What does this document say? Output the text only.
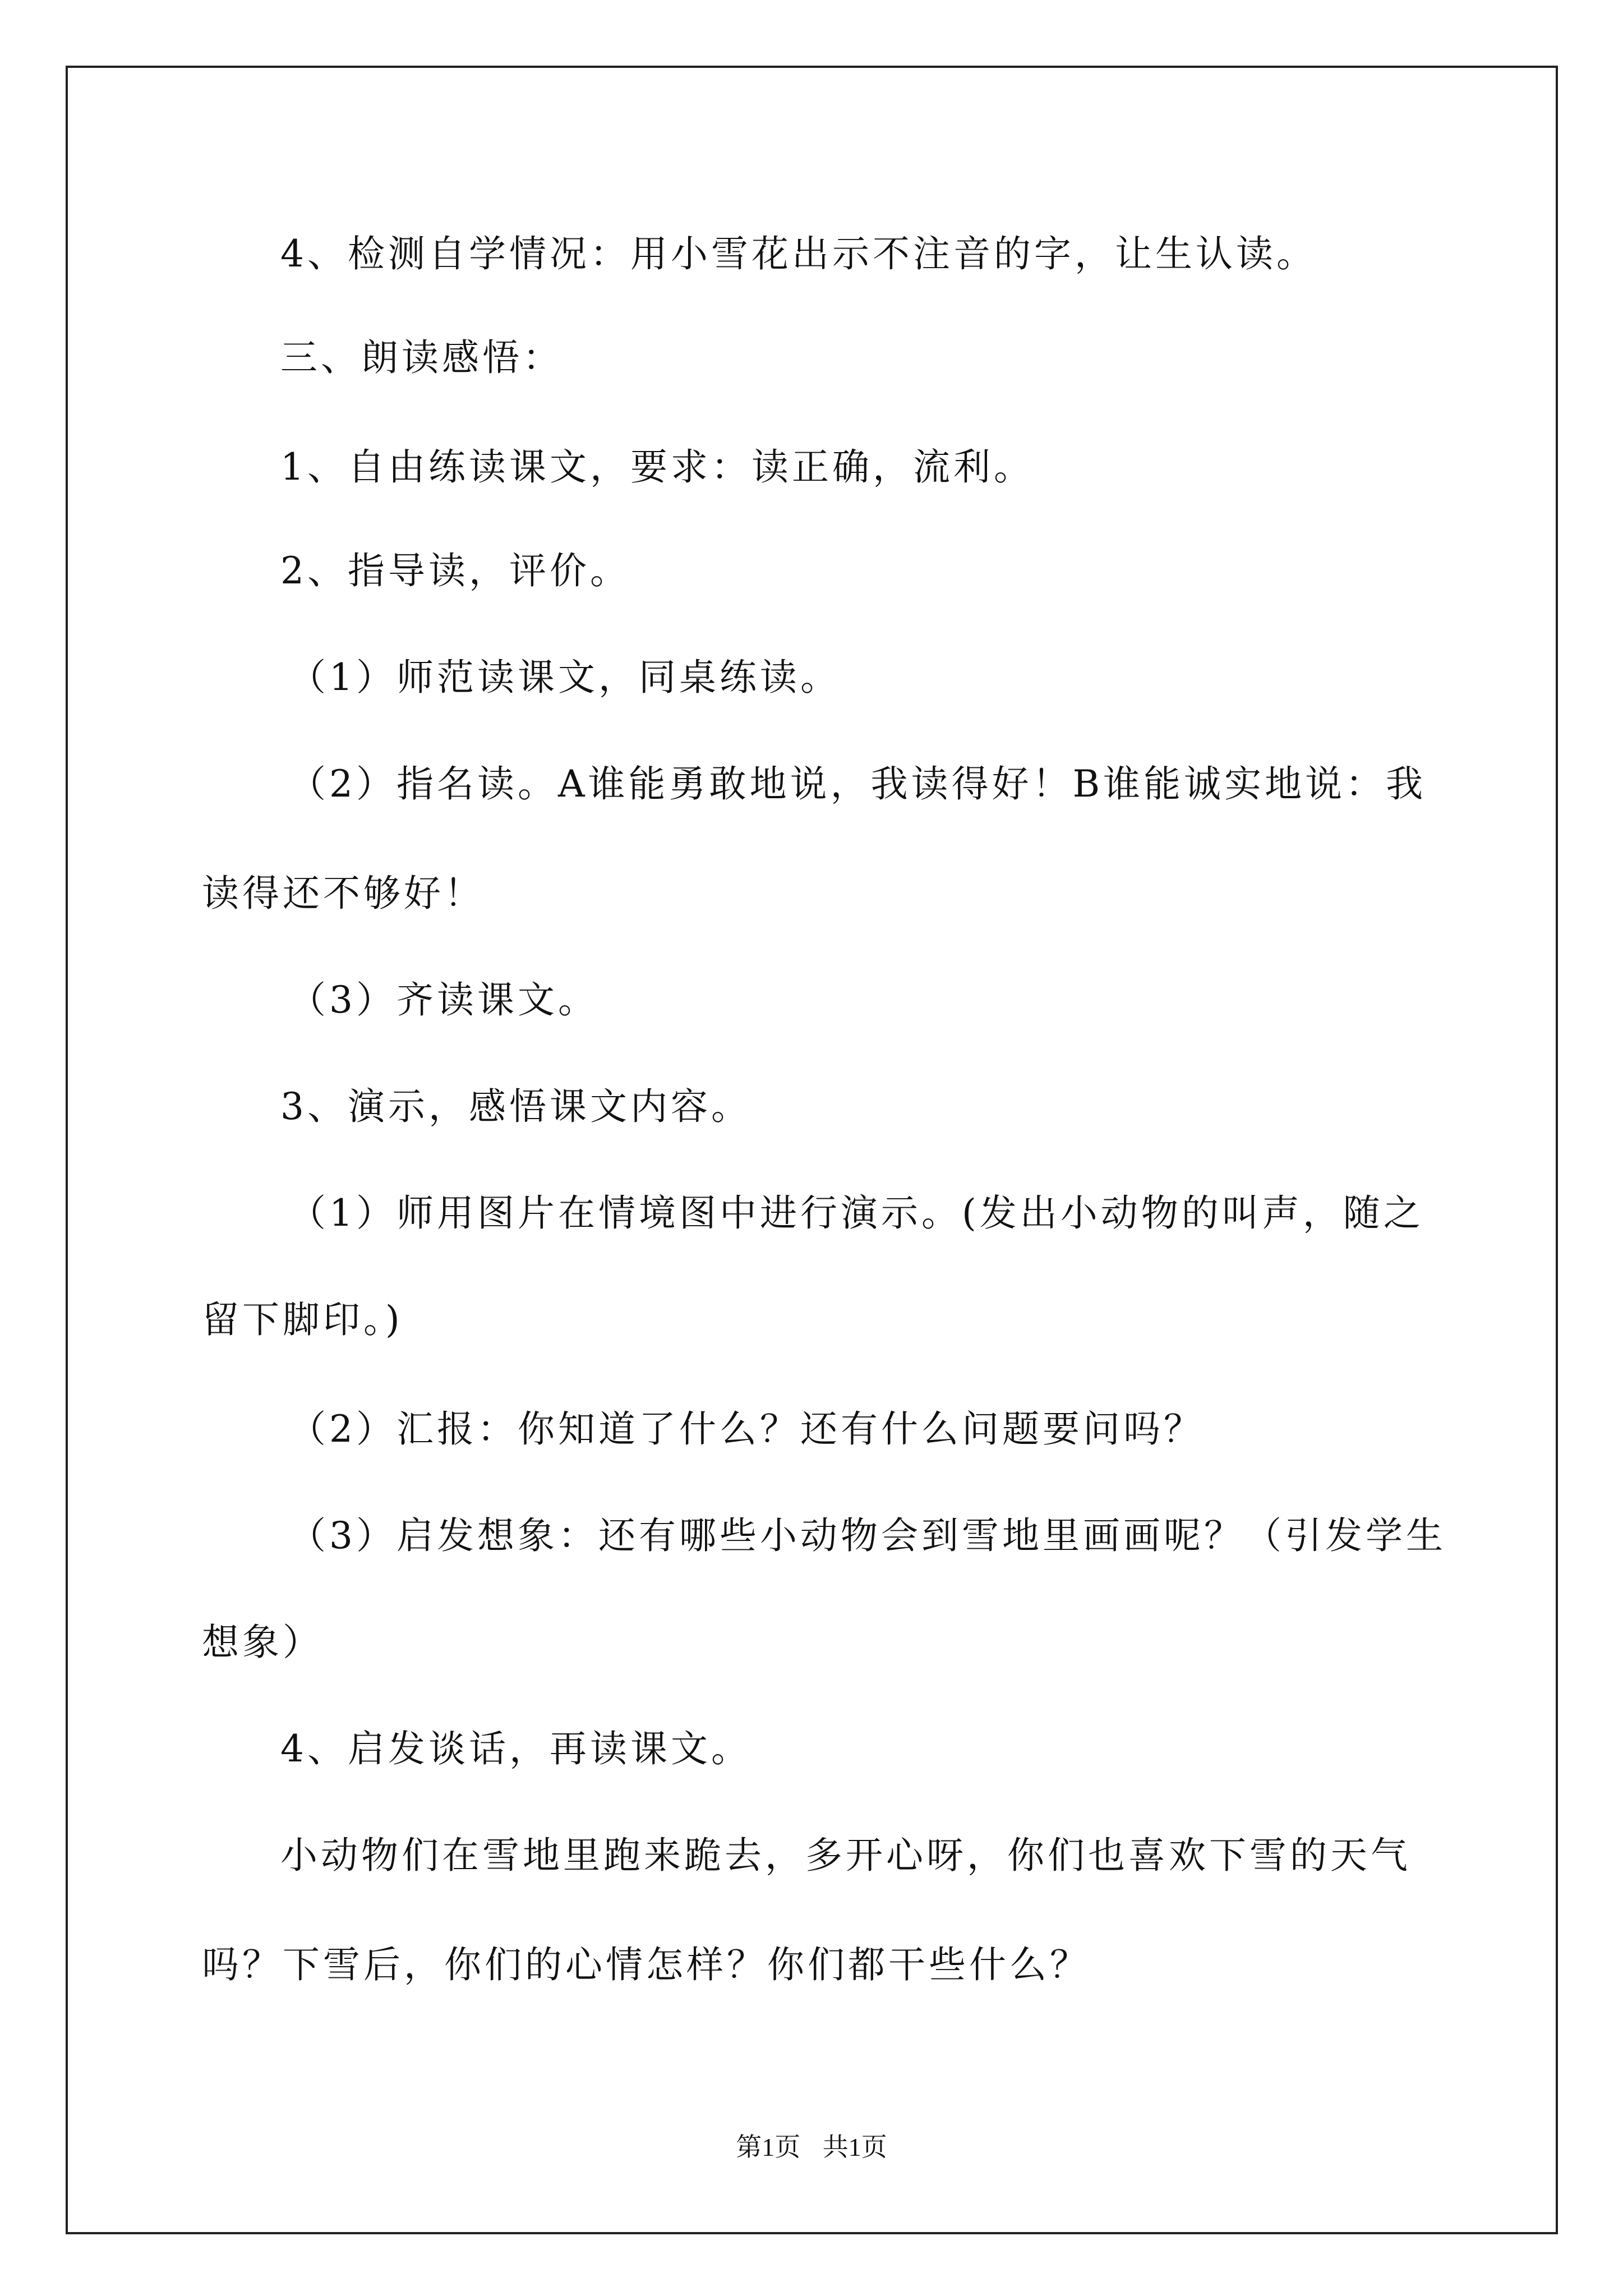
4、检测自学情况：用小雪花出示不注音的字，让生认读。

三、朗读感悟：

1、自由练读课文，要求：读正确，流利。

2、指导读，评价。

（1）师范读课文，同桌练读。

（2）指名读。A谁能勇敢地说，我读得好！B谁能诚实地说：我

读得还不够好！

（3）齐读课文。

3、演示，感悟课文内容。

（1）师用图片在情境图中进行演示。(发出小动物的叫声，随之

留下脚印。)

（2）汇报：你知道了什么？还有什么问题要问吗？

（3）启发想象：还有哪些小动物会到雪地里画画呢？（引发学生

想象）

4、启发谈话，再读课文。

小动物们在雪地里跑来跪去，多开心呀，你们也喜欢下雪的天气

吗？下雪后，你们的心情怎样？你们都干些什么？

第1页 共1页
